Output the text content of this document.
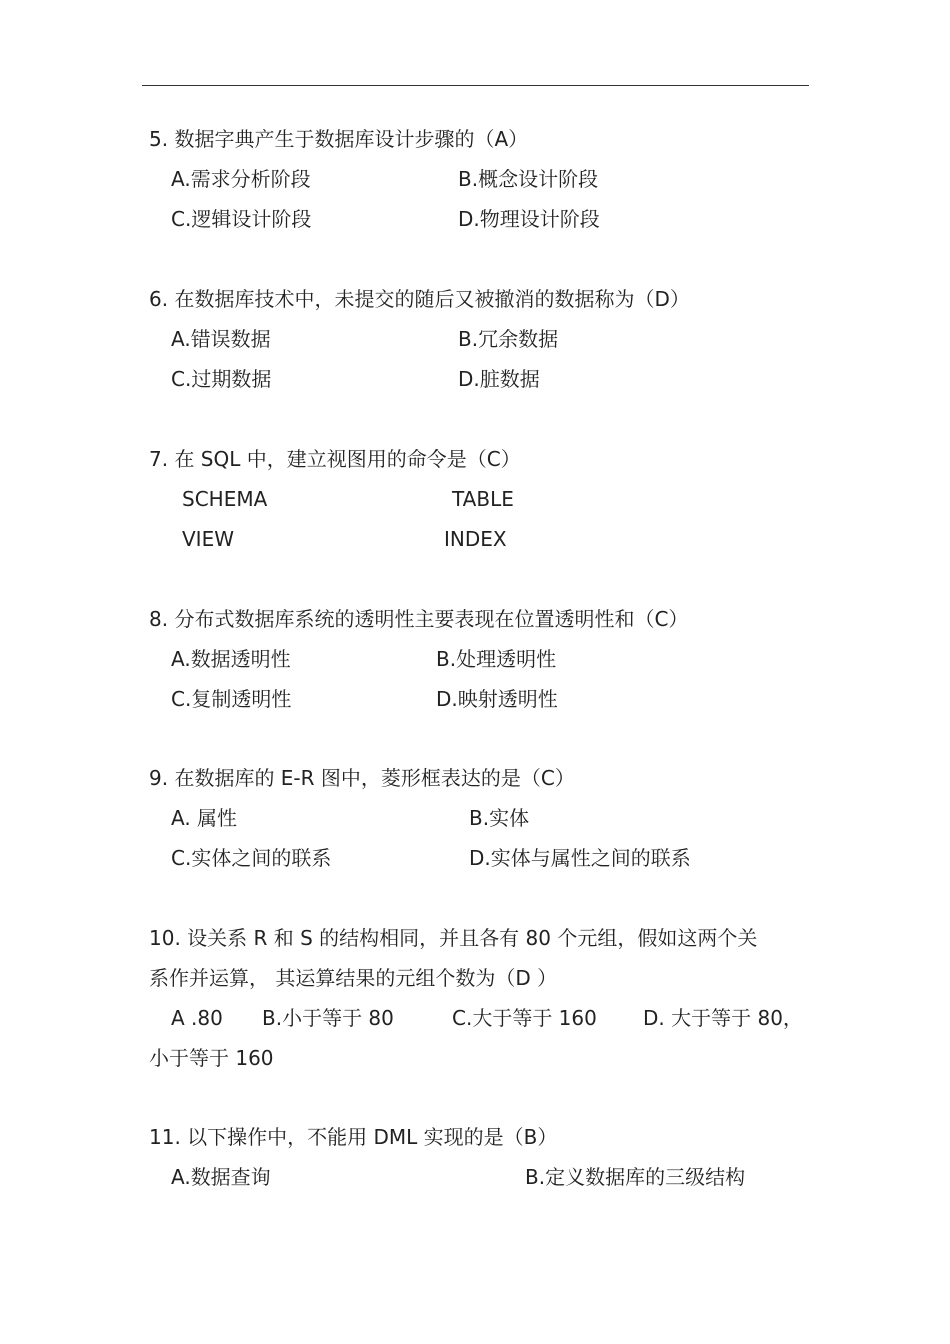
5. 数据字典产生于数据库设计步骤的（A）
A.需求分析阶段	B.概念设计阶段
C.逻辑设计阶段	D.物理设计阶段
6. 在数据库技术中，未提交的随后又被撤消的数据称为（D）
A.错误数据	B.冗余数据
C.过期数据	D.脏数据
7. 在 SQL 中，建立视图用的命令是（C）
SCHEMA	TABLE
VIEW	INDEX
8. 分布式数据库系统的透明性主要表现在位置透明性和（C）
A.数据透明性	B.处理透明性
C.复制透明性	D.映射透明性
9. 在数据库的 E-R 图中，菱形框表达的是（C）
A. 属性	B.实体
C.实体之间的联系	D.实体与属性之间的联系
10. 设关系 R 和 S 的结构相同，并且各有 80 个元组，假如这两个关
系作并运算， 其运算结果的元组个数为（D ）
A .80 B.小于等于 80	C.大于等于 160 D. 大于等于 80，
小于等于 160
11. 以下操作中，不能用 DML 实现的是（B）
A.数据查询	B.定义数据库的三级结构
